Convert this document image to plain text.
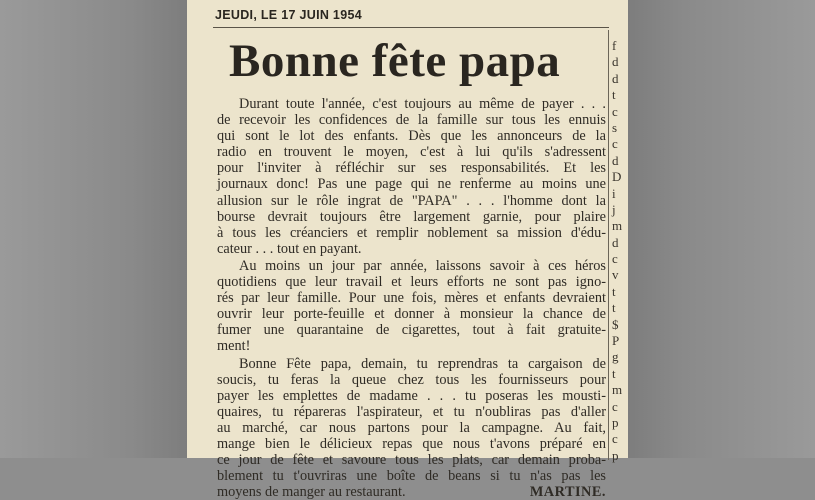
JEUDI, LE 17 JUIN 1954
Bonne fête papa

Durant toute l'année, c'est toujours au même de payer . . .
de recevoir les confidences de la famille sur tous les ennuis
qui sont le lot des enfants. Dès que les annonceurs de la
radio en trouvent le moyen, c'est à lui qu'ils s'adressent
pour l'inviter à réfléchir sur ses responsabilités. Et les
journaux donc! Pas une page qui ne renferme au moins une
allusion sur le rôle ingrat de "PAPA" . . . l'homme dont la
bourse devrait toujours être largement garnie, pour plaire
à tous les créanciers et remplir noblement sa mission d'édu-
cateur . . . tout en payant.

Au moins un jour par année, laissons savoir à ces héros
quotidiens que leur travail et leurs efforts ne sont pas igno-
rés par leur famille. Pour une fois, mères et enfants devraient
ouvrir leur porte-feuille et donner à monsieur la chance de
fumer une quarantaine de cigarettes, tout à fait gratuite-
ment!

Bonne Fête papa, demain, tu reprendras ta cargaison de
soucis, tu feras la queue chez tous les fournisseurs pour
payer les emplettes de madame . . . tu poseras les mousti-
quaires, tu répareras l'aspirateur, et tu n'oubliras pas d'aller
au marché, car nous partons pour la campagne. Au fait,
mange bien le délicieux repas que nous t'avons préparé en
ce jour de fête et savoure tous les plats, car demain proba-
blement tu t'ouvriras une boîte de beans si tu n'as pas les
moyens de manger au restaurant.	MARTINE.

f
d
d
t
c
s
c
d
D
i
j
m
d
c
v
t
t
$
P
g
t
m
c
p
c
p
